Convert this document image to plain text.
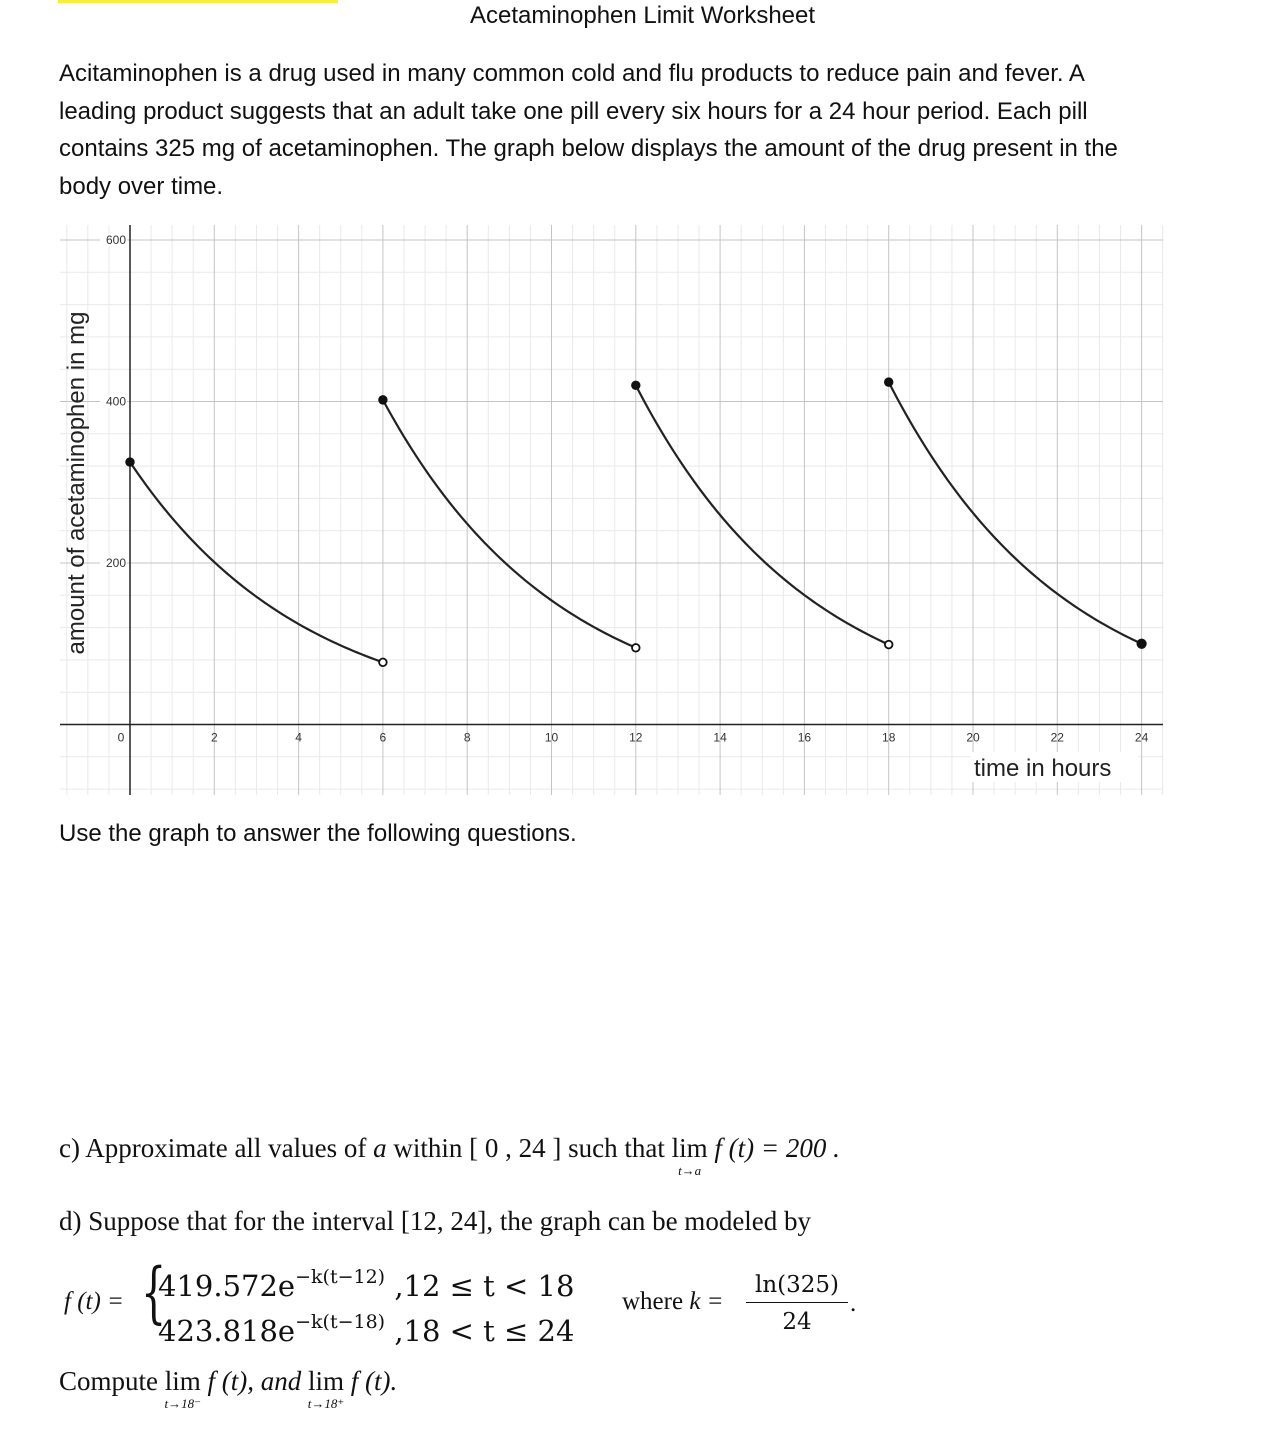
Acetaminophen Limit Worksheet

Acitaminophen is a drug used in many common cold and flu products to reduce pain and fever. A

leading product suggests that an adult take one pill every six hours for a 24 hour period. Each pill

contains 325 mg of acetaminophen. The graph below displays the amount of the drug present in the

body over time.

0	2	4	6	8	10	12	14	16	18	20	22	24
200
400
600
amount of acetaminophen in mg
time in hours
Use the graph to answer the following questions.
c) Approximate all values of a within [ 0 , 24 ] such that lim
t→a
f (t) = 200 .
d) Suppose that for the interval [12, 24], the graph can be modeled by
f (t) = {
$419.572e^{-k(t-12)}$ ,12 ≤ t < 18
$423.818e^{-k(t-18)}$ ,18 < t ≤ 24
where $k = \frac{\ln(325)}{24}$ .
Compute lim
t→18⁻
f (t), and lim
t→18⁺
f (t).
